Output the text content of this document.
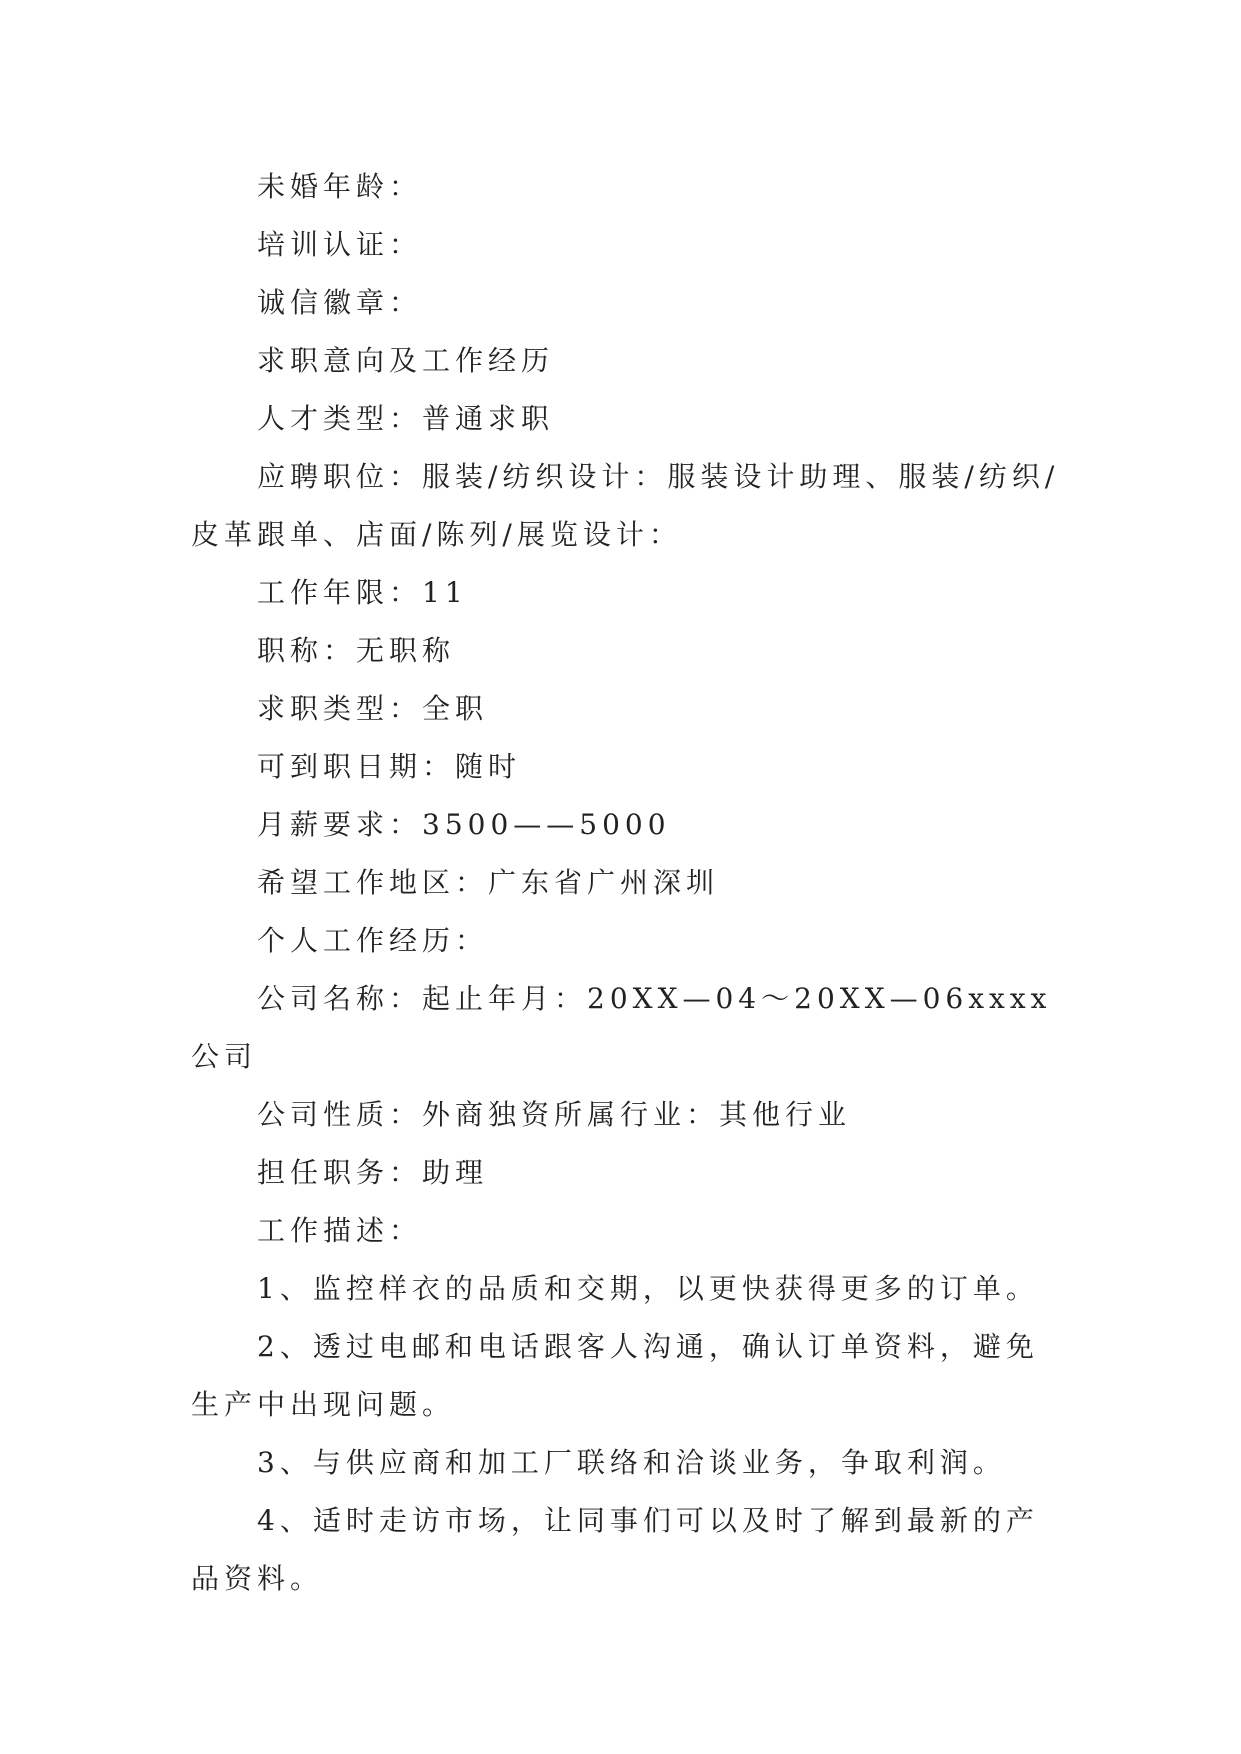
未婚年龄：

培训认证：

诚信徽章：

求职意向及工作经历

人才类型：普通求职

应聘职位：服装/纺织设计：服装设计助理、服装/纺织/皮革跟单、店面/陈列/展览设计：

工作年限：11

职称：无职称

求职类型：全职

可到职日期：随时

月薪要求：3500——5000

希望工作地区：广东省广州深圳

个人工作经历：

公司名称：起止年月：20XX—04～20XX—06xxxx 公司

公司性质：外商独资所属行业：其他行业

担任职务：助理

工作描述：

1、监控样衣的品质和交期，以更快获得更多的订单。

2、透过电邮和电话跟客人沟通，确认订单资料，避免生产中出现问题。

3、与供应商和加工厂联络和洽谈业务，争取利润。

4、适时走访市场，让同事们可以及时了解到最新的产品资料。
